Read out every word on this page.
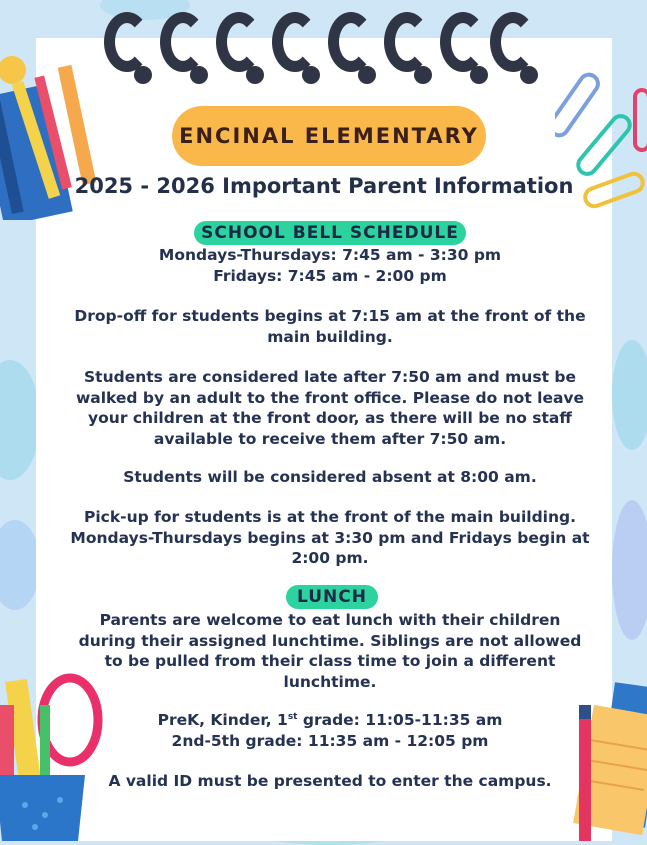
ENCINAL ELEMENTARY
2025 - 2026 Important Parent Information
SCHOOL BELL SCHEDULE

Mondays-Thursdays: 7:45 am - 3:30 pm

Fridays: 7:45 am - 2:00 pm

Drop-off for students begins at 7:15 am at the front of the main building.

Students are considered late after 7:50 am and must be walked by an adult to the front office. Please do not leave your children at the front door, as there will be no staff available to receive them after 7:50 am.

Students will be considered absent at 8:00 am.

Pick-up for students is at the front of the main building. Mondays-Thursdays begins at 3:30 pm and Fridays begin at 2:00 pm.

LUNCH

Parents are welcome to eat lunch with their children during their assigned lunchtime. Siblings are not allowed to be pulled from their class time to join a different lunchtime.

PreK, Kinder, 1st grade: 11:05-11:35 am

2nd-5th grade: 11:35 am - 12:05 pm

A valid ID must be presented to enter the campus.
